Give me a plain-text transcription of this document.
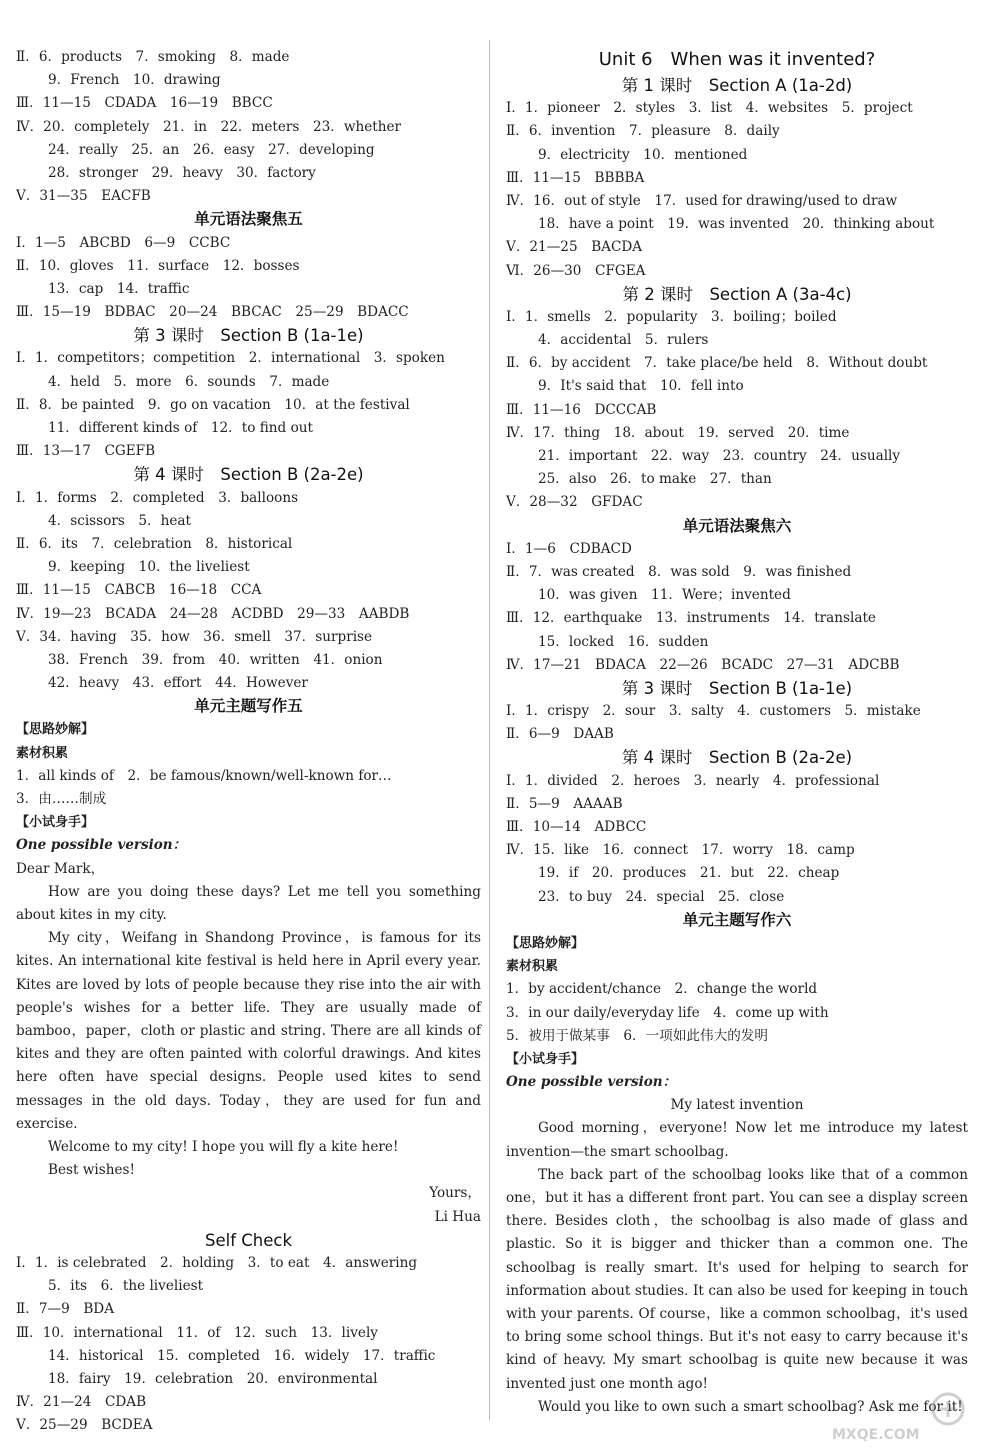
Ⅱ．6．products　7．smoking　8．made
9．French　10．drawing
Ⅲ．11—15　CDADA　16—19　BBCC
Ⅳ．20．completely　21．in　22．meters　23．whether
24．really　25．an　26．easy　27．developing
28．stronger　29．heavy　30．factory
Ⅴ．31—35　EACFB
单元语法聚焦五
Ⅰ．1—5　ABCBD　6—9　CCBC
Ⅱ．10．gloves　11．surface　12．bosses
13．cap　14．traffic
Ⅲ．15—19　BDBAC　20—24　BBCAC　25—29　BDACC
第 3 课时　Section B (1a-1e)
Ⅰ．1．competitors；competition　2．international　3．spoken
4．held　5．more　6．sounds　7．made
Ⅱ．8．be painted　9．go on vacation　10．at the festival
11．different kinds of　12．to find out
Ⅲ．13—17　CGEFB
第 4 课时　Section B (2a-2e)
Ⅰ．1．forms　2．completed　3．balloons
4．scissors　5．heat
Ⅱ．6．its　7．celebration　8．historical
9．keeping　10．the liveliest
Ⅲ．11—15　CABCB　16—18　CCA
Ⅳ．19—23　BCADA　24—28　ACDBD　29—33　AABDB
Ⅴ．34．having　35．how　36．smell　37．surprise
38．French　39．from　40．written　41．onion
42．heavy　43．effort　44．However
单元主题写作五
【思路妙解】
素材积累
1．all kinds of　2．be famous/known/well-known for…
3．由……制成
【小试身手】
One possible version：
Dear Mark，
How are you doing these days? Let me tell you something about kites in my city.
My city，Weifang in Shandong Province，is famous for its kites. An international kite festival is held here in April every year. Kites are loved by lots of people because they rise into the air with people's wishes for a better life. They are usually made of bamboo，paper，cloth or plastic and string. There are all kinds of kites and they are often painted with colorful drawings. And kites here often have special designs. People used kites to send messages in the old days. Today，they are used for fun and exercise.
Welcome to my city! I hope you will fly a kite here!
Best wishes!
Yours，
Li Hua
Self Check
Ⅰ．1．is celebrated　2．holding　3．to eat　4．answering
5．its　6．the liveliest
Ⅱ．7—9　BDA
Ⅲ．10．international　11．of　12．such　13．lively
14．historical　15．completed　16．widely　17．traffic
18．fairy　19．celebration　20．environmental
Ⅳ．21—24　CDAB
Ⅴ．25—29　BCDEA
Unit 6　When was it invented?
第 1 课时　Section A (1a-2d)
Ⅰ．1．pioneer　2．styles　3．list　4．websites　5．project
Ⅱ．6．invention　7．pleasure　8．daily
9．electricity　10．mentioned
Ⅲ．11—15　BBBBA
Ⅳ．16．out of style　17．used for drawing/used to draw
18．have a point　19．was invented　20．thinking about
Ⅴ．21—25　BACDA
Ⅵ．26—30　CFGEA
第 2 课时　Section A (3a-4c)
Ⅰ．1．smells　2．popularity　3．boiling；boiled
4．accidental　5．rulers
Ⅱ．6．by accident　7．take place/be held　8．Without doubt
9．It's said that　10．fell into
Ⅲ．11—16　DCCCAB
Ⅳ．17．thing　18．about　19．served　20．time
21．important　22．way　23．country　24．usually
25．also　26．to make　27．than
Ⅴ．28—32　GFDAC
单元语法聚焦六
Ⅰ．1—6　CDBACD
Ⅱ．7．was created　8．was sold　9．was finished
10．was given　11．Were；invented
Ⅲ．12．earthquake　13．instruments　14．translate
15．locked　16．sudden
Ⅳ．17—21　BDACA　22—26　BCADC　27—31　ADCBB
第 3 课时　Section B (1a-1e)
Ⅰ．1．crispy　2．sour　3．salty　4．customers　5．mistake
Ⅱ．6—9　DAAB
第 4 课时　Section B (2a-2e)
Ⅰ．1．divided　2．heroes　3．nearly　4．professional
Ⅱ．5—9　AAAAB
Ⅲ．10—14　ADBCC
Ⅳ．15．like　16．connect　17．worry　18．camp
19．if　20．produces　21．but　22．cheap
23．to buy　24．special　25．close
单元主题写作六
【思路妙解】
素材积累
1．by accident/chance　2．change the world
3．in our daily/everyday life　4．come up with
5．被用于做某事　6．一项如此伟大的发明
【小试身手】
One possible version：
My latest invention
Good morning，everyone! Now let me introduce my latest invention—the smart schoolbag.
The back part of the schoolbag looks like that of a common one，but it has a different front part. You can see a display screen there. Besides cloth，the schoolbag is also made of glass and plastic. So it is bigger and thicker than a common one. The schoolbag is really smart. It's used for helping to search for information about studies. It can also be used for keeping in touch with your parents. Of course，like a common schoolbag，it's used to bring some school things. But it's not easy to carry because it's kind of heavy. My smart schoolbag is quite new because it was invented just one month ago!
Would you like to own such a smart schoolbag? Ask me for it!
MXQE.COM
